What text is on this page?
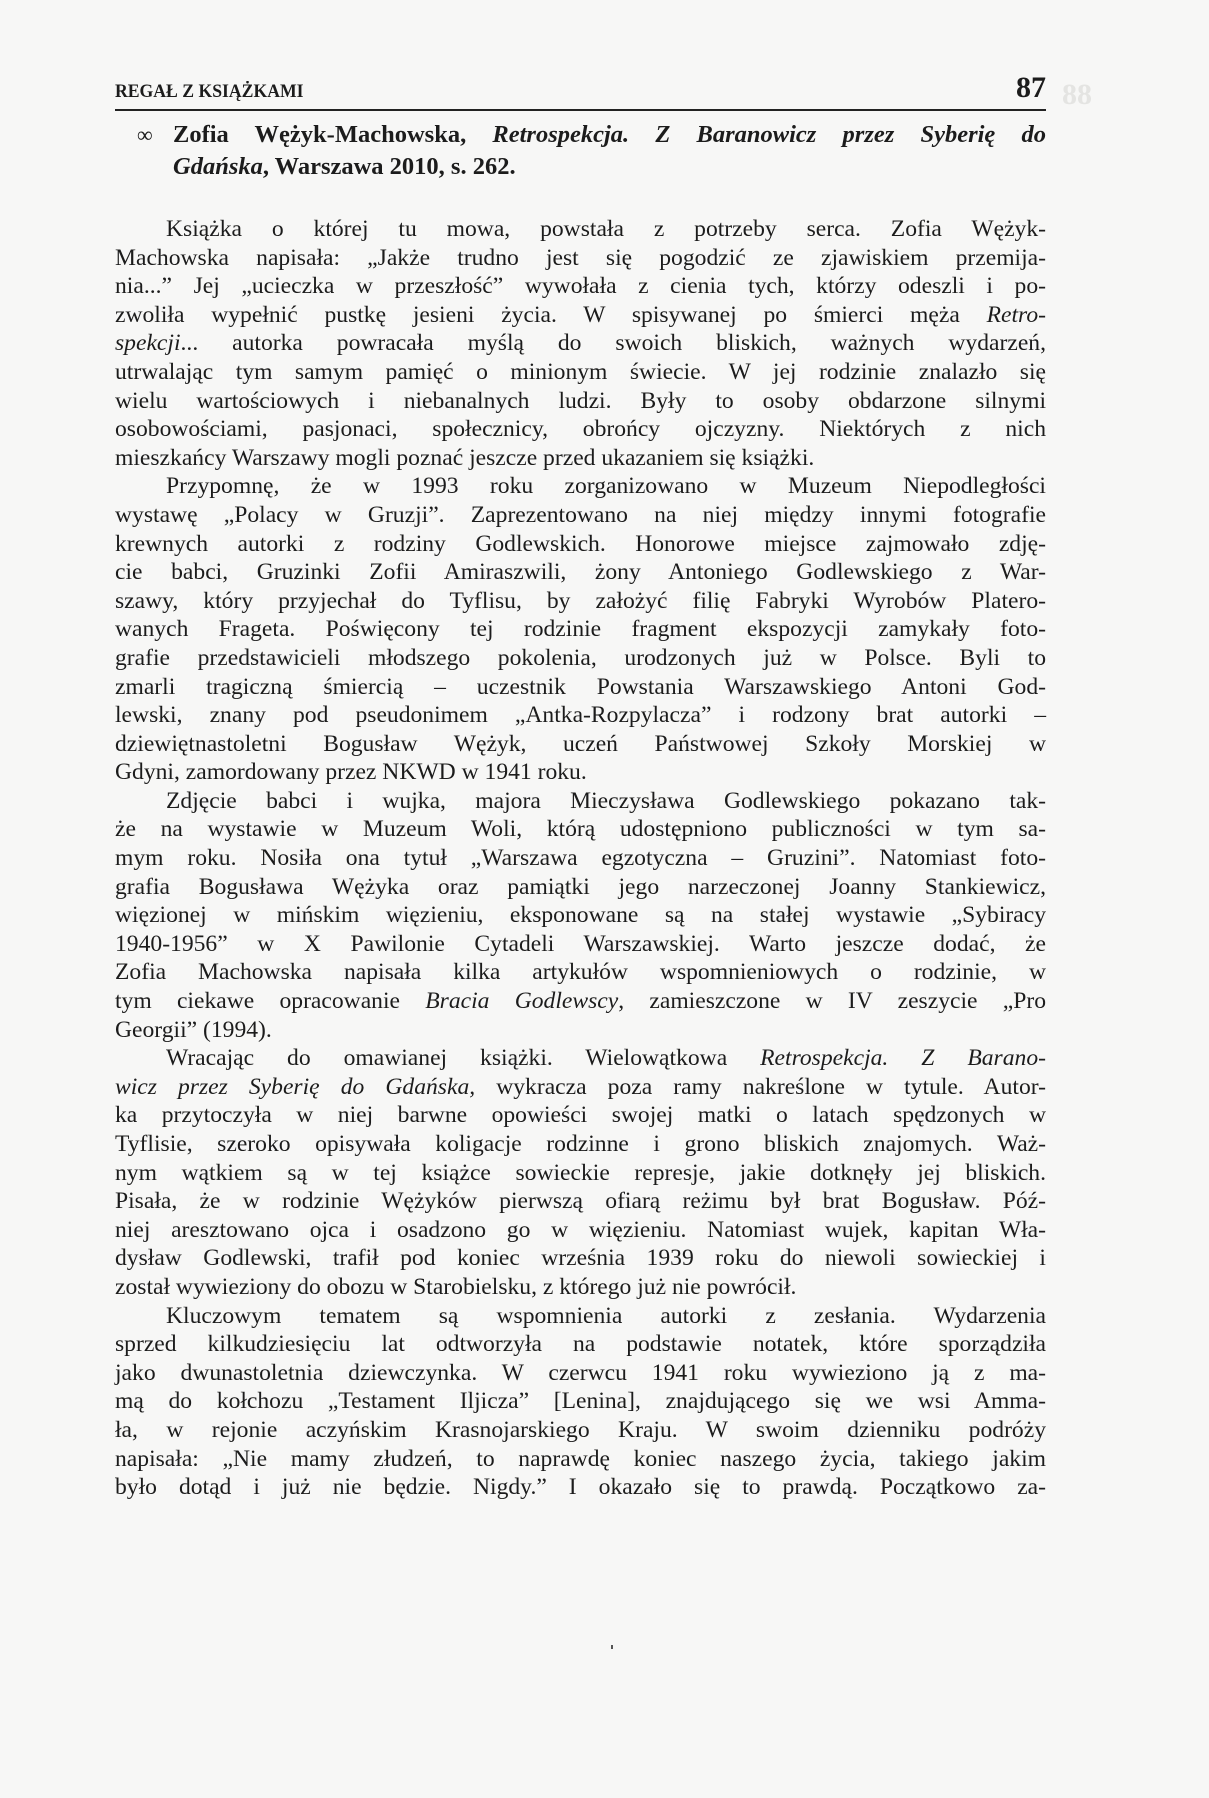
88
REGAŁ Z KSIĄŻKAMI	87
∞ Zofia Wężyk-Machowska, Retrospekcja. Z Baranowicz przez Syberię do
Gdańska, Warszawa 2010, s. 262.
Książka o której tu mowa, powstała z potrzeby serca. Zofia Wężyk-
Machowska napisała: „Jakże trudno jest się pogodzić ze zjawiskiem przemija-
nia...” Jej „ucieczka w przeszłość” wywołała z cienia tych, którzy odeszli i po-
zwoliła wypełnić pustkę jesieni życia. W spisywanej po śmierci męża Retro-
spekcji... autorka powracała myślą do swoich bliskich, ważnych wydarzeń,
utrwalając tym samym pamięć o minionym świecie. W jej rodzinie znalazło się
wielu wartościowych i niebanalnych ludzi. Były to osoby obdarzone silnymi
osobowościami, pasjonaci, społecznicy, obrońcy ojczyzny. Niektórych z nich
mieszkańcy Warszawy mogli poznać jeszcze przed ukazaniem się książki.
Przypomnę, że w 1993 roku zorganizowano w Muzeum Niepodległości
wystawę „Polacy w Gruzji”. Zaprezentowano na niej między innymi fotografie
krewnych autorki z rodziny Godlewskich. Honorowe miejsce zajmowało zdję-
cie babci, Gruzinki Zofii Amiraszwili, żony Antoniego Godlewskiego z War-
szawy, który przyjechał do Tyflisu, by założyć filię Fabryki Wyrobów Platero-
wanych Frageta. Poświęcony tej rodzinie fragment ekspozycji zamykały foto-
grafie przedstawicieli młodszego pokolenia, urodzonych już w Polsce. Byli to
zmarli tragiczną śmiercią – uczestnik Powstania Warszawskiego Antoni God-
lewski, znany pod pseudonimem „Antka-Rozpylacza” i rodzony brat autorki –
dziewiętnastoletni Bogusław Wężyk, uczeń Państwowej Szkoły Morskiej w
Gdyni, zamordowany przez NKWD w 1941 roku.
Zdjęcie babci i wujka, majora Mieczysława Godlewskiego pokazano tak-
że na wystawie w Muzeum Woli, którą udostępniono publiczności w tym sa-
mym roku. Nosiła ona tytuł „Warszawa egzotyczna – Gruzini”. Natomiast foto-
grafia Bogusława Wężyka oraz pamiątki jego narzeczonej Joanny Stankiewicz,
więzionej w mińskim więzieniu, eksponowane są na stałej wystawie „Sybiracy
1940-1956” w X Pawilonie Cytadeli Warszawskiej. Warto jeszcze dodać, że
Zofia Machowska napisała kilka artykułów wspomnieniowych o rodzinie, w
tym ciekawe opracowanie Bracia Godlewscy, zamieszczone w IV zeszycie „Pro
Georgii” (1994).
Wracając do omawianej książki. Wielowątkowa Retrospekcja. Z Barano-
wicz przez Syberię do Gdańska, wykracza poza ramy nakreślone w tytule. Autor-
ka przytoczyła w niej barwne opowieści swojej matki o latach spędzonych w
Tyflisie, szeroko opisywała koligacje rodzinne i grono bliskich znajomych. Waż-
nym wątkiem są w tej książce sowieckie represje, jakie dotknęły jej bliskich.
Pisała, że w rodzinie Wężyków pierwszą ofiarą reżimu był brat Bogusław. Póź-
niej aresztowano ojca i osadzono go w więzieniu. Natomiast wujek, kapitan Wła-
dysław Godlewski, trafił pod koniec września 1939 roku do niewoli sowieckiej i
został wywieziony do obozu w Starobielsku, z którego już nie powrócił.
Kluczowym tematem są wspomnienia autorki z zesłania. Wydarzenia
sprzed kilkudziesięciu lat odtworzyła na podstawie notatek, które sporządziła
jako dwunastoletnia dziewczynka. W czerwcu 1941 roku wywieziono ją z ma-
mą do kołchozu „Testament Iljicza” [Lenina], znajdującego się we wsi Amma-
ła, w rejonie aczyńskim Krasnojarskiego Kraju. W swoim dzienniku podróży
napisała: „Nie mamy złudzeń, to naprawdę koniec naszego życia, takiego jakim
było dotąd i już nie będzie. Nigdy.” I okazało się to prawdą. Początkowo za-
